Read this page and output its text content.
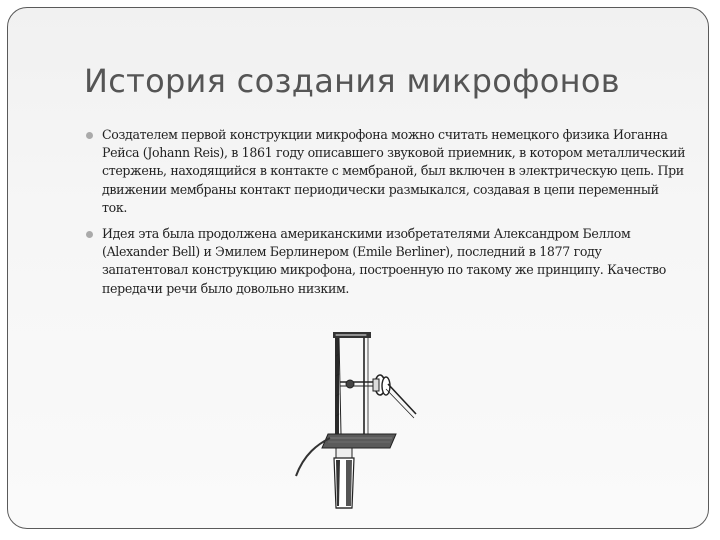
История создания микрофонов
Создателем первой конструкции микрофона можно считать немецкого физика Иоганна Рейса (Johann Reis), в 1861 году описавшего звуковой приемник, в котором металлический стержень, находящийся в контакте с мембраной, был включен в электрическую цепь. При движении мембраны контакт периодически размыкался, создавая в цепи переменный ток.
Идея эта была продолжена американскими изобретателями Александром Беллом (Alexander Bell) и Эмилем Берлинером (Emile Berliner), последний в 1877 году запатентовал конструкцию микрофона, построенную по такому же принципу. Качество передачи речи было довольно низким.
